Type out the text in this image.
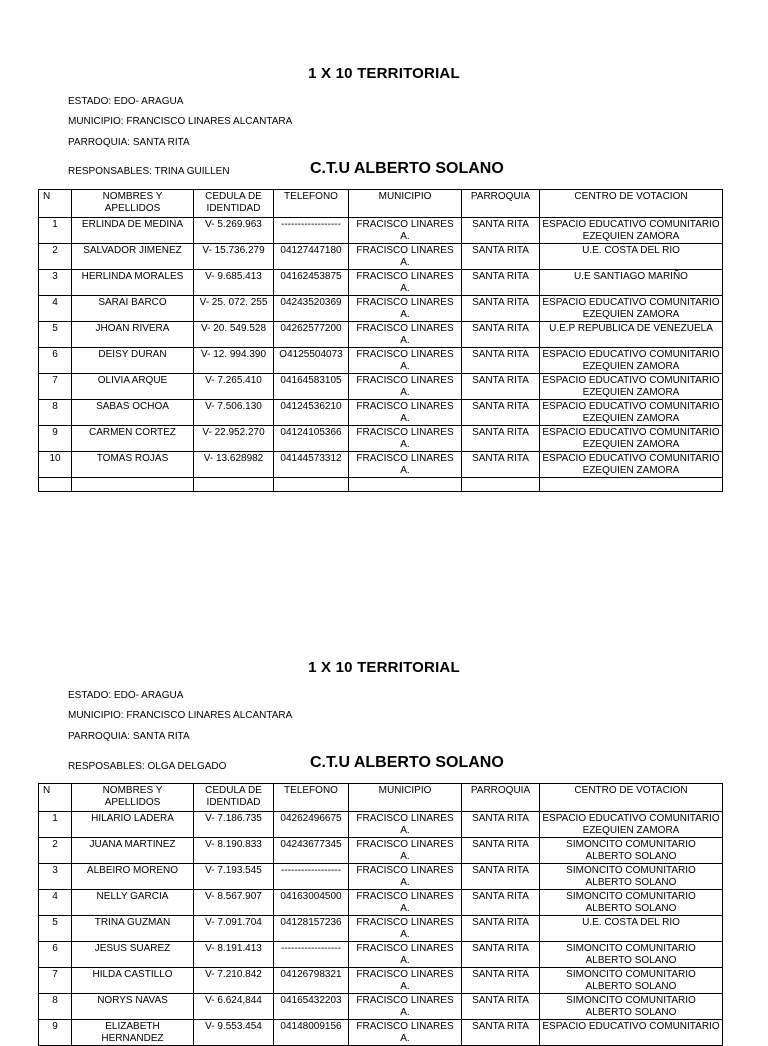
1 X 10 TERRITORIAL
ESTADO: EDO- ARAGUA
MUNICIPIO: FRANCISCO LINARES ALCANTARA
PARROQUIA: SANTA RITA
RESPONSABLES: TRINA GUILLEN	C.T.U ALBERTO SOLANO
N	NOMBRES Y APELLIDOS	CEDULA DE IDENTIDAD	TELEFONO	MUNICIPIO	PARROQUIA	CENTRO DE VOTACION
1	ERLINDA DE MEDINA	V- 5.269.963	------------------	FRACISCO LINARES A.	SANTA RITA	ESPACIO EDUCATIVO COMUNITARIO EZEQUIEN ZAMORA
2	SALVADOR JIMENEZ	V- 15.736.279	04127447180	FRACISCO LINARES A.	SANTA RITA	U.E. COSTA DEL RIO
3	HERLINDA MORALES	V- 9.685.413	04162453875	FRACISCO LINARES A.	SANTA RITA	U.E SANTIAGO MARIÑO
4	SARAI BARCO	V- 25. 072. 255	04243520369	FRACISCO LINARES A.	SANTA RITA	ESPACIO EDUCATIVO COMUNITARIO EZEQUIEN ZAMORA
5	JHOAN RIVERA	V- 20. 549.528	04262577200	FRACISCO LINARES A.	SANTA RITA	U.E.P REPUBLICA DE VENEZUELA
6	DEISY DURAN	V- 12. 994.390	O4125504073	FRACISCO LINARES A.	SANTA RITA	ESPACIO EDUCATIVO COMUNITARIO EZEQUIEN ZAMORA
7	OLIVIA ARQUE	V- 7.265.410	04164583105	FRACISCO LINARES A.	SANTA RITA	ESPACIO EDUCATIVO COMUNITARIO EZEQUIEN ZAMORA
8	SABAS OCHOA	V- 7.506.130	04124536210	FRACISCO LINARES A.	SANTA RITA	ESPACIO EDUCATIVO COMUNITARIO EZEQUIEN ZAMORA
9	CARMEN CORTEZ	V- 22.952.270	04124105366	FRACISCO LINARES A.	SANTA RITA	ESPACIO EDUCATIVO COMUNITARIO EZEQUIEN ZAMORA
10	TOMAS ROJAS	V- 13.628982	04144573312	FRACISCO LINARES A.	SANTA RITA	ESPACIO EDUCATIVO COMUNITARIO EZEQUIEN ZAMORA

1 X 10 TERRITORIAL
ESTADO: EDO- ARAGUA
MUNICIPIO: FRANCISCO LINARES ALCANTARA
PARROQUIA: SANTA RITA
RESPOSABLES: OLGA DELGADO	C.T.U ALBERTO SOLANO
N	NOMBRES Y APELLIDOS	CEDULA DE IDENTIDAD	TELEFONO	MUNICIPIO	PARROQUIA	CENTRO DE VOTACION
1	HILARIO LADERA	V- 7.186.735	04262496675	FRACISCO LINARES A.	SANTA RITA	ESPACIO EDUCATIVO COMUNITARIO EZEQUIEN ZAMORA
2	JUANA MARTINEZ	V- 8.190.833	04243677345	FRACISCO LINARES A.	SANTA RITA	SIMONCITO COMUNITARIO ALBERTO SOLANO
3	ALBEIRO MORENO	V- 7.193.545	------------------	FRACISCO LINARES A.	SANTA RITA	SIMONCITO COMUNITARIO ALBERTO SOLANO
4	NELLY GARCIA	V- 8.567.907	04163004500	FRACISCO LINARES A.	SANTA RITA	SIMONCITO COMUNITARIO ALBERTO SOLANO
5	TRINA GUZMAN	V- 7.091.704	04128157236	FRACISCO LINARES A.	SANTA RITA	U.E. COSTA DEL RIO
6	JESUS SUAREZ	V- 8.191.413	------------------	FRACISCO LINARES A.	SANTA RITA	SIMONCITO COMUNITARIO ALBERTO SOLANO
7	HILDA CASTILLO	V- 7.210.842	04126798321	FRACISCO LINARES A.	SANTA RITA	SIMONCITO COMUNITARIO ALBERTO SOLANO
8	NORYS NAVAS	V- 6.624,844	04165432203	FRACISCO LINARES A.	SANTA RITA	SIMONCITO COMUNITARIO ALBERTO SOLANO
9	ELIZABETH HERNANDEZ	V- 9.553.454	04148009156	FRACISCO LINARES A.	SANTA RITA	ESPACIO EDUCATIVO COMUNITARIO
